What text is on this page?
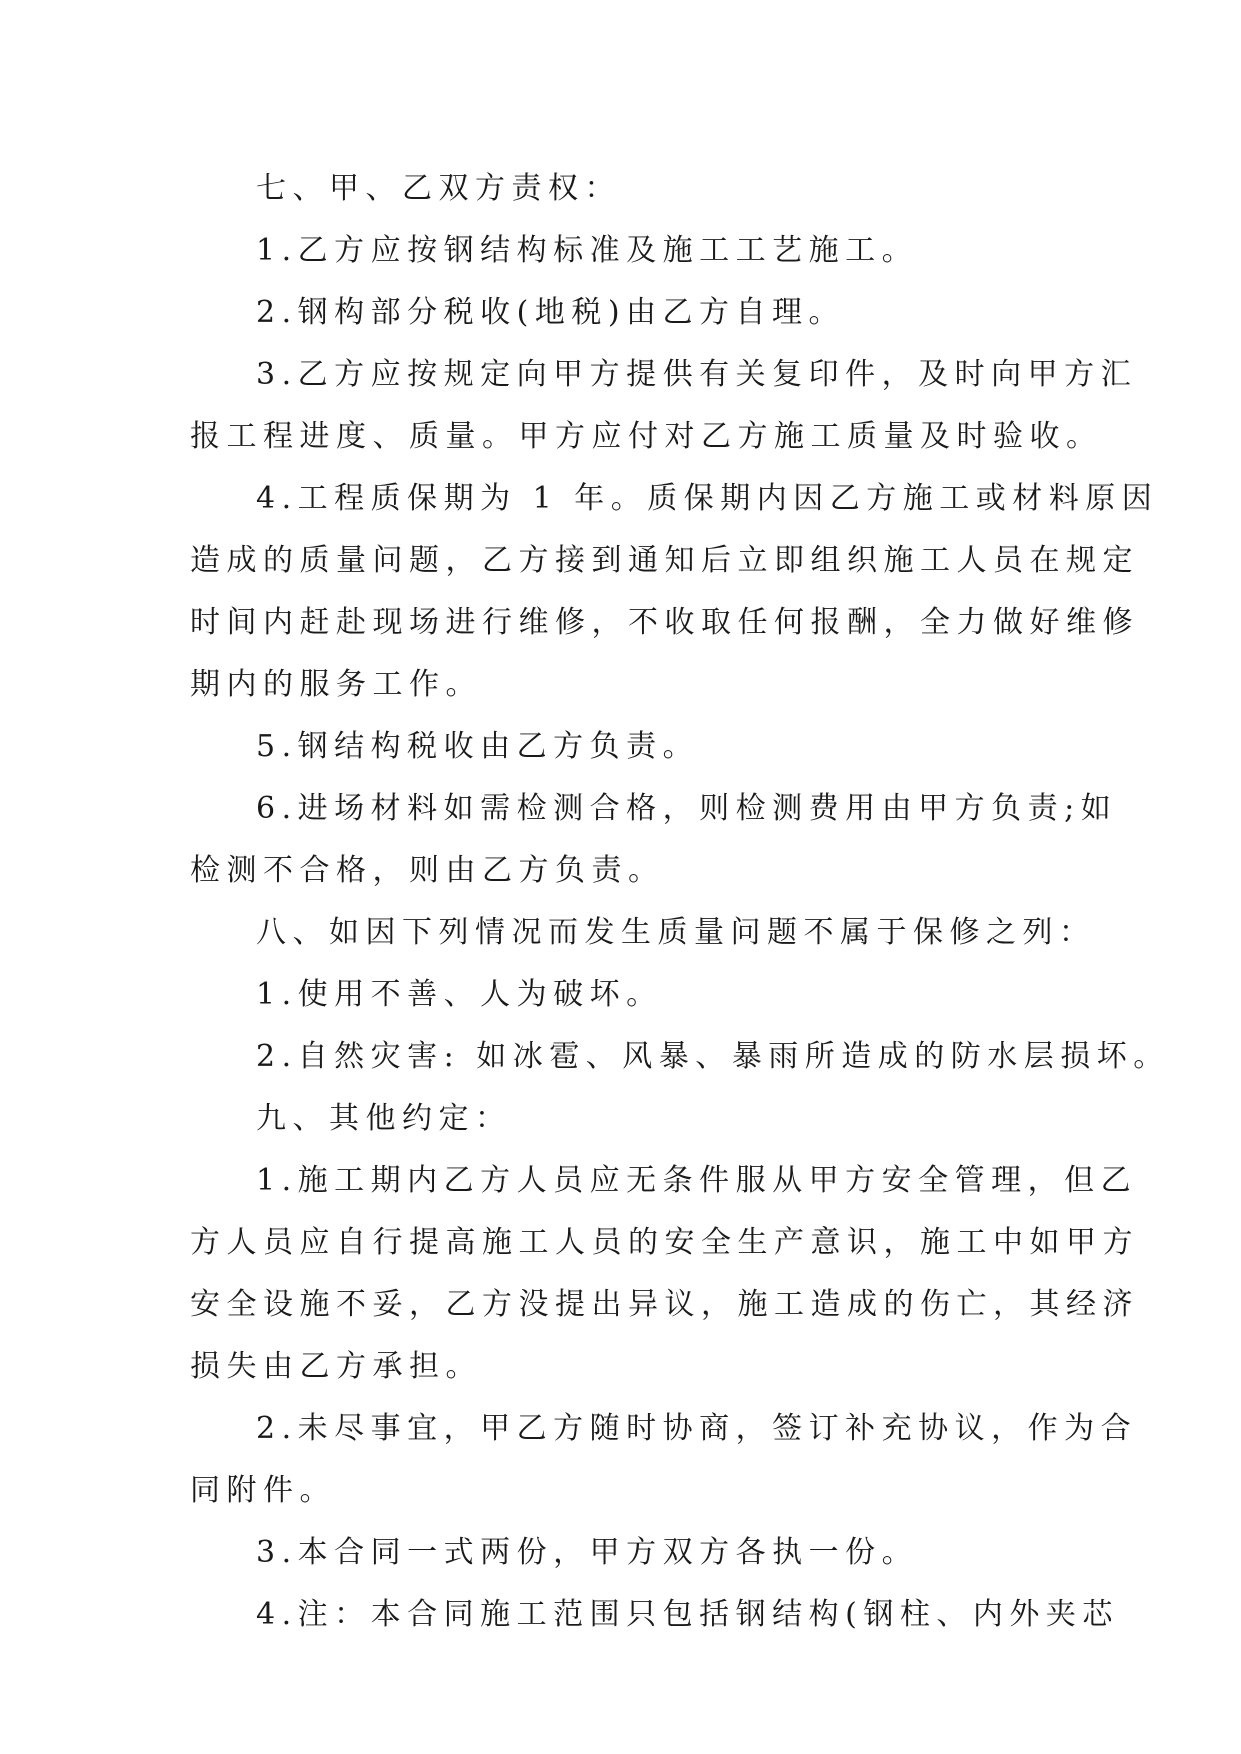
七、甲、乙双方责权：
1.乙方应按钢结构标准及施工工艺施工。
2.钢构部分税收(地税)由乙方自理。
3.乙方应按规定向甲方提供有关复印件，及时向甲方汇
报工程进度、质量。甲方应付对乙方施工质量及时验收。
4.工程质保期为 1 年。质保期内因乙方施工或材料原因
造成的质量问题，乙方接到通知后立即组织施工人员在规定
时间内赶赴现场进行维修，不收取任何报酬，全力做好维修
期内的服务工作。
5.钢结构税收由乙方负责。
6.进场材料如需检测合格，则检测费用由甲方负责;如
检测不合格，则由乙方负责。
八、如因下列情况而发生质量问题不属于保修之列：
1.使用不善、人为破坏。
2.自然灾害: 如冰雹、风暴、暴雨所造成的防水层损坏。
九、其他约定：
1.施工期内乙方人员应无条件服从甲方安全管理，但乙
方人员应自行提高施工人员的安全生产意识，施工中如甲方
安全设施不妥，乙方没提出异议，施工造成的伤亡，其经济
损失由乙方承担。
2.未尽事宜，甲乙方随时协商，签订补充协议，作为合
同附件。
3.本合同一式两份，甲方双方各执一份。
4.注：本合同施工范围只包括钢结构(钢柱、内外夹芯
